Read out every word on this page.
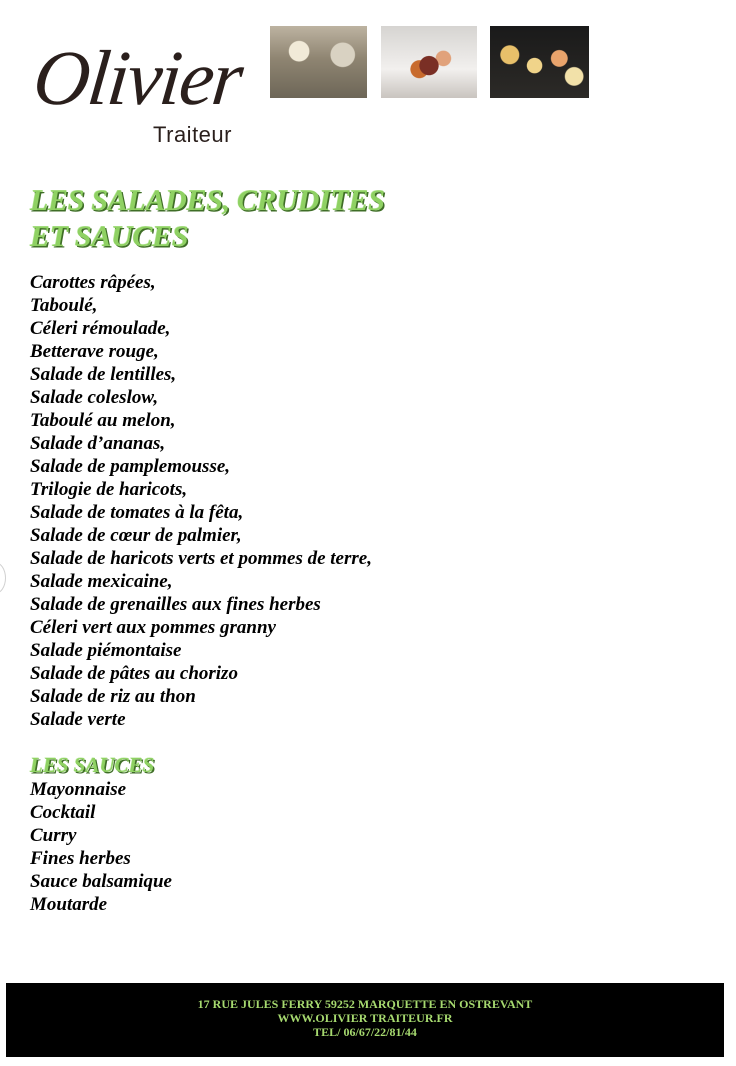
Olivier
Traiteur
LES SALADES, CRUDITES
ET SAUCES
Carottes râpées,
Taboulé,
Céleri rémoulade,
Betterave rouge,
Salade de lentilles,
Salade coleslow,
Taboulé au melon,
Salade d’ananas,
Salade de pamplemousse,
Trilogie de haricots,
Salade de tomates à la fêta,
Salade de cœur de palmier,
Salade de haricots verts et pommes de terre,
Salade mexicaine,
Salade de grenailles aux fines herbes
Céleri vert aux pommes granny
Salade piémontaise
Salade de pâtes au chorizo
Salade de riz au thon
Salade verte
LES SAUCES
Mayonnaise
Cocktail
Curry
Fines herbes
Sauce balsamique
Moutarde
17 RUE JULES FERRY 59252 MARQUETTE EN OSTREVANT
WWW.OLIVIER TRAITEUR.FR
TEL/ 06/67/22/81/44
